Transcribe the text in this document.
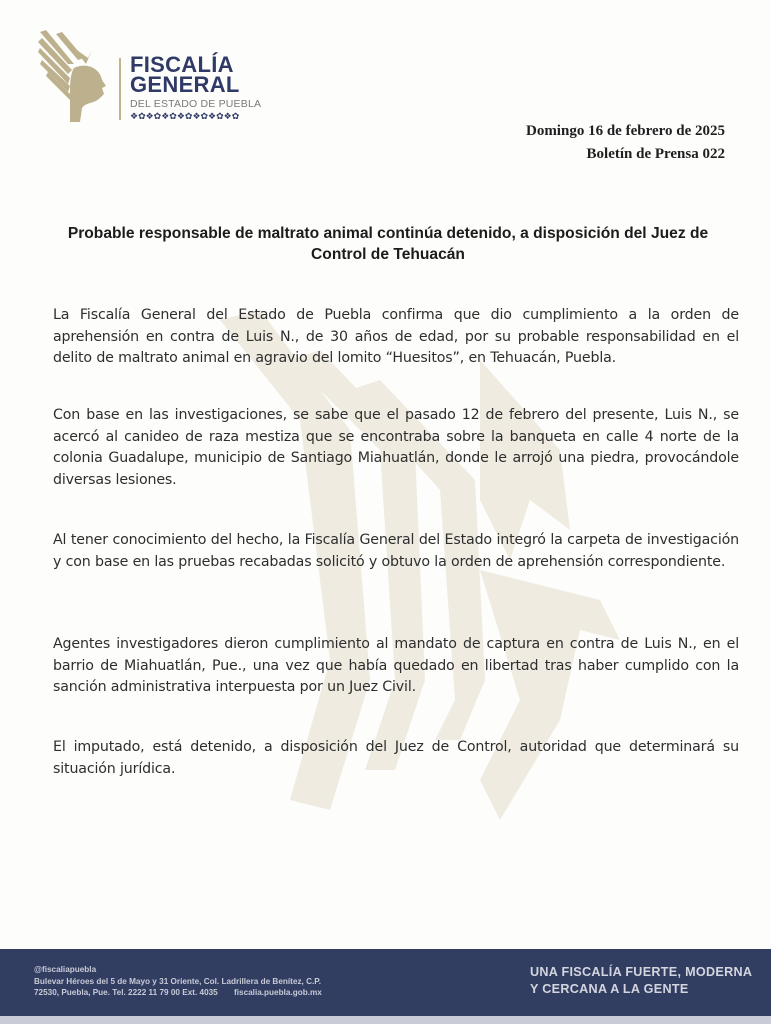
FISCALÍA
GENERAL
DEL ESTADO DE PUEBLA
❖✿❖✿❖✿❖✿❖✿❖✿❖✿
Domingo 16 de febrero de 2025
Boletín de Prensa 022
Probable responsable de maltrato animal continúa detenido, a disposición del Juez de Control de Tehuacán

La Fiscalía General del Estado de Puebla confirma que dio cumplimiento a la orden de aprehensión en contra de Luis N., de 30 años de edad, por su probable responsabilidad en el delito de maltrato animal en agravio del lomito “Huesitos”, en Tehuacán, Puebla.

Con base en las investigaciones, se sabe que el pasado 12 de febrero del presente, Luis N., se acercó al canideo de raza mestiza que se encontraba sobre la banqueta en calle 4 norte de la colonia Guadalupe, municipio de Santiago Miahuatlán, donde le arrojó una piedra, provocándole diversas lesiones.

Al tener conocimiento del hecho, la Fiscalía General del Estado integró la carpeta de investigación y con base en las pruebas recabadas solicitó y obtuvo la orden de aprehensión correspondiente.

Agentes investigadores dieron cumplimiento al mandato de captura en contra de Luis N., en el barrio de Miahuatlán, Pue., una vez que había quedado en libertad tras haber cumplido con la sanción administrativa interpuesta por un Juez Civil.

El imputado, está detenido, a disposición del Juez de Control, autoridad que determinará su situación jurídica.

@fiscaliapuebla
Bulevar Héroes del 5 de Mayo y 31 Oriente, Col. Ladrillera de Benítez, C.P.
72530, Puebla, Pue. Tel. 2222 11 79 00 Ext. 4035 fiscalia.puebla.gob.mx
UNA FISCALÍA FUERTE, MODERNA
Y CERCANA A LA GENTE
